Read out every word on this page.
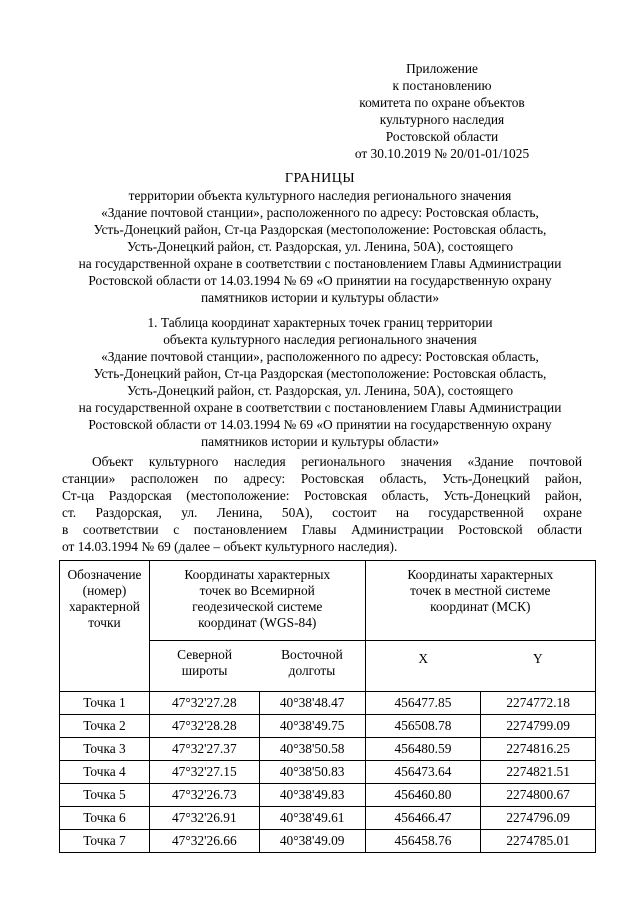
Приложение
к постановлению
комитета по охране объектов
культурного наследия
Ростовской области
от 30.10.2019 № 20/01-01/1025
ГРАНИЦЫ
территории объекта культурного наследия регионального значения
«Здание почтовой станции», расположенного по адресу: Ростовская область,
Усть-Донецкий район, Ст-ца Раздорская (местоположение: Ростовская область,
Усть-Донецкий район, ст. Раздорская, ул. Ленина, 50А), состоящего
на государственной охране в соответствии с постановлением Главы Администрации
Ростовской области от 14.03.1994 № 69 «О принятии на государственную охрану
памятников истории и культуры области»
1. Таблица координат характерных точек границ территории
объекта культурного наследия регионального значения
«Здание почтовой станции», расположенного по адресу: Ростовская область,
Усть-Донецкий район, Ст-ца Раздорская (местоположение: Ростовская область,
Усть-Донецкий район, ст. Раздорская, ул. Ленина, 50А), состоящего
на государственной охране в соответствии с постановлением Главы Администрации
Ростовской области от 14.03.1994 № 69 «О принятии на государственную охрану
памятников истории и культуры области»
Объект культурного наследия регионального значения «Здание почтовой
станции» расположен по адресу: Ростовская область, Усть-Донецкий район,
Ст-ца Раздорская (местоположение: Ростовская область, Усть-Донецкий район,
ст. Раздорская, ул. Ленина, 50А), состоит на государственной охране
в соответствии с постановлением Главы Администрации Ростовской области
от 14.03.1994 № 69 (далее – объект культурного наследия).
Обозначение (номер) характерной точки	Координаты характерных точек во Всемирной геодезической системе координат (WGS-84)		Координаты характерных точек в местной системе координат (МСК)	
	Северной широты	Восточной долготы	X	Y
Точка 1	47°32'27.28	40°38'48.47	456477.85	2274772.18
Точка 2	47°32'28.28	40°38'49.75	456508.78	2274799.09
Точка 3	47°32'27.37	40°38'50.58	456480.59	2274816.25
Точка 4	47°32'27.15	40°38'50.83	456473.64	2274821.51
Точка 5	47°32'26.73	40°38'49.83	456460.80	2274800.67
Точка 6	47°32'26.91	40°38'49.61	456466.47	2274796.09
Точка 7	47°32'26.66	40°38'49.09	456458.76	2274785.01
